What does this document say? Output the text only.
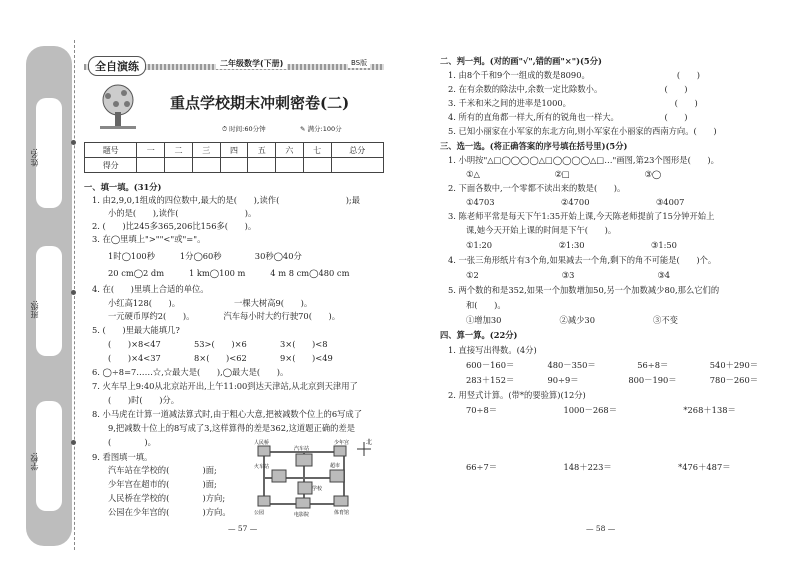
姓名:
班级:
学校:
全自演练	二年级数学(下册)	BS版
重点学校期末冲刺密卷(二)
⏱ 时间:60分钟	✎ 满分:100分
题号	一	二	三	四	五	六	七	总分
得分								
一、填一填。(31分)
1. 由2,9,0,1组成的四位数中,最大的是(　　),读作(　　　　　　　　);最
小的是(　　),读作(　　　　　　　　)。
2. (　　)比245多365,206比156多(　　)。
3. 在◯里填上">""<"或"="。
1时◯100秒　　　1分◯60秒　　　　30秒◯40分
20 cm◯2 dm　　　1 km◯100 m　　　4 m 8 cm◯480 cm
4. 在(　　)里填上合适的单位。
小红高128(　　)。　　　　　　　一棵大树高9(　　)。
一元硬币厚约2(　　)。　　　　汽车每小时大约行驶70(　　)。
5. (　　)里最大能填几?
(　　)×8<47　　　　53>(　　)×6　　　　3×(　　)<8
(　　)×4<37　　　　8×(　　)<62　　　　9×(　　)<49
6. ◯÷8=7……☆,☆最大是(　　),◯最大是(　　)。
7. 火车早上9:40从北京站开出,上午11:00到达天津站,从北京到天津用了
(　　)时(　　)分。
8. 小马虎在计算一道减法算式时,由于粗心大意,把被减数个位上的6写成了
9,把减数十位上的8写成了3,这样算得的差是362,这道题正确的差是
(　　　　)。
9. 看图填一填。
汽车站在学校的(　　　　)面;
少年宫在超市的(　　　　)面;
人民桥在学校的(　　　　)方向;
公园在少年宫的(　　　　)方向。
人民桥
汽车站
火车站	超市
学校
少年宫
公园	电影院	体育馆
北
— 57 —
二、判一判。(对的画"√",错的画"×")(5分)
1. 由8个千和9个一组成的数是8090。　　　　　　　　　　　(　　)
2. 在有余数的除法中,余数一定比除数小。　　　　　　　　(　　)
3. 千米和米之间的进率是1000。　　　　　　　　　　　　　(　　)
4. 所有的直角都一样大,所有的锐角也一样大。　　　　　　(　　)
5. 已知小丽家在小军家的东北方向,则小军家在小丽家的西南方向。(　　)
三、选一选。(将正确答案的序号填在括号里)(5分)
1. 小明按"△□◯◯◯◯△□◯◯◯◯△□…"画图,第23个图形是(　　)。
①△　　　　　　　　　②□　　　　　　　　　③◯
2. 下面各数中,一个零都不读出来的数是(　　)。
①4703　　　　　　　　②4700　　　　　　　　③4007
3. 陈老师平常是每天下午1:35开始上课,今天陈老师提前了15分钟开始上
课,她今天开始上课的时间是下午(　　)。
①1:20　　　　　　　　②1:30　　　　　　　　③1:50
4. 一张三角形纸片有3个角,如果减去一个角,剩下的角不可能是(　　)个。
①2　　　　　　　　　　③3　　　　　　　　　　③4
5. 两个数的和是352,如果一个加数增加50,另一个加数减少80,那么它们的
和(　　)。
①增加30　　　　　　　②减少30　　　　　　　③不变
四、算一算。(22分)
1. 直接写出得数。(4分)
600－160＝　　　　480－350＝　　　　　56÷8＝　　　　　540＋290＝
283＋152＝　　　　90÷9＝　　　　　　800－190＝　　　　780－260＝
2. 用竖式计算。(带*的要验算)(12分)
70÷8＝　　　　　　　　1000－268＝　　　　　　　　*268＋138＝
66÷7＝　　　　　　　　148＋223＝　　　　　　　　*476＋487＝
— 58 —
